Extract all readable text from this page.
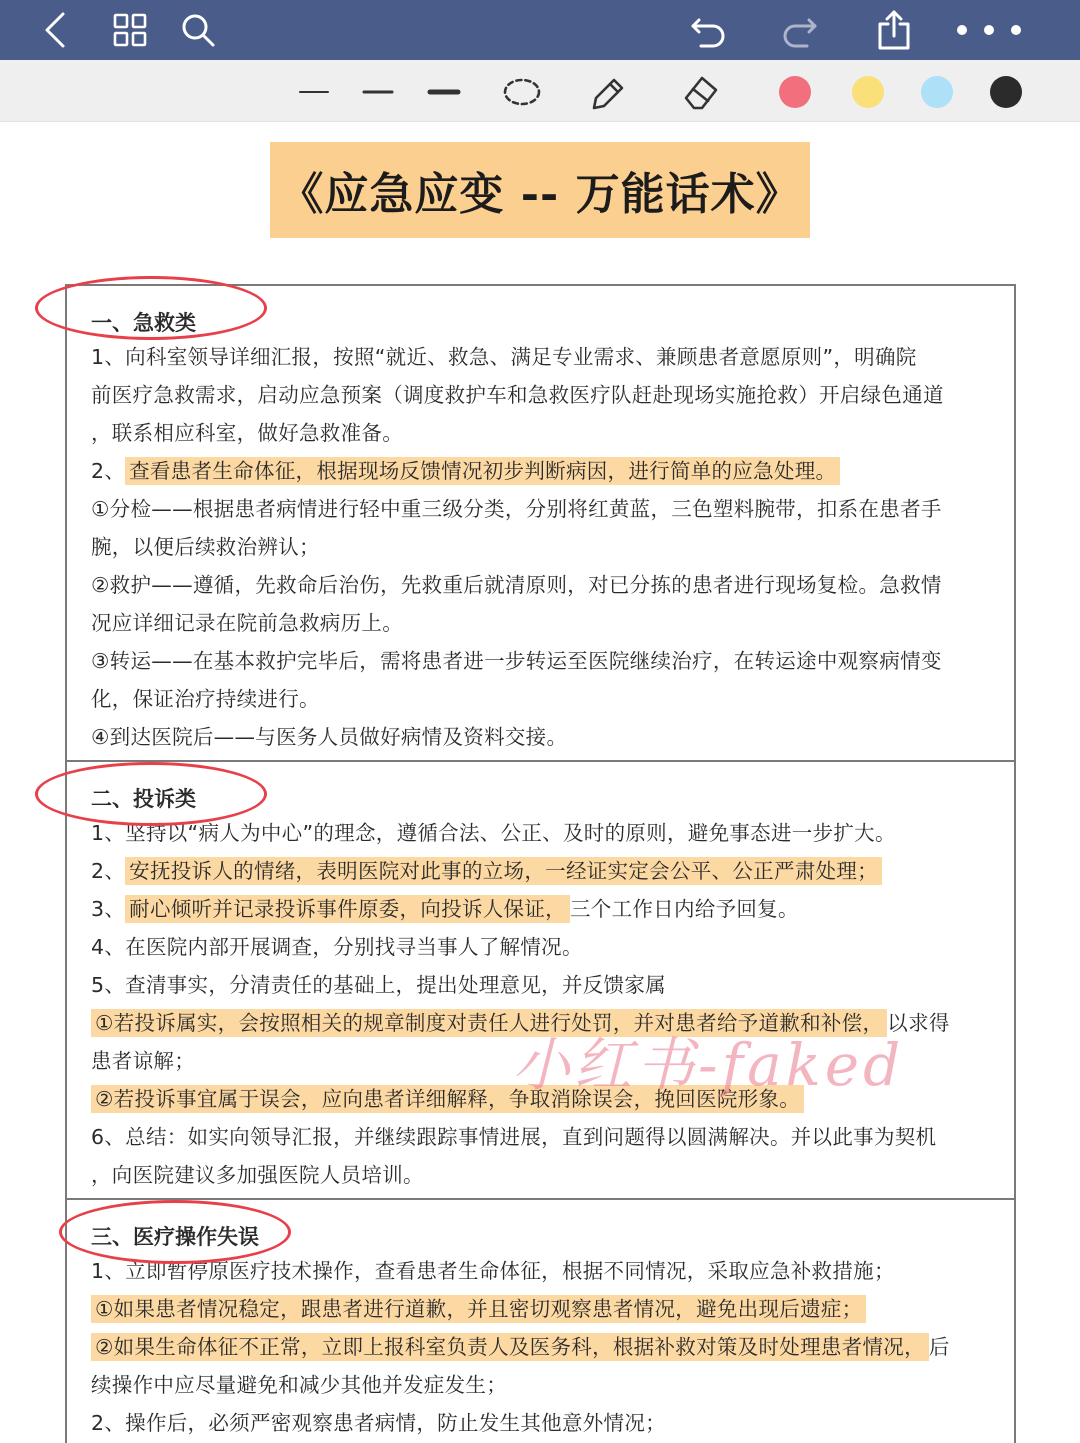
《应急应变 -- 万能话术》
一、急救类
1、向科室领导详细汇报，按照“就近、救急、满足专业需求、兼顾患者意愿原则”，明确院
前医疗急救需求，启动应急预案（调度救护车和急救医疗队赶赴现场实施抢救）开启绿色通道
，联系相应科室，做好急救准备。
2、 查看患者生命体征，根据现场反馈情况初步判断病因，进行简单的应急处理。
①分检——根据患者病情进行轻中重三级分类，分别将红黄蓝，三色塑料腕带，扣系在患者手
腕，以便后续救治辨认；
②救护——遵循，先救命后治伤，先救重后就清原则，对已分拣的患者进行现场复检。急救情
况应详细记录在院前急救病历上。
③转运——在基本救护完毕后，需将患者进一步转运至医院继续治疗，在转运途中观察病情变
化，保证治疗持续进行。
④到达医院后——与医务人员做好病情及资料交接。
二、投诉类
1、坚持以“病人为中心”的理念，遵循合法、公正、及时的原则，避免事态进一步扩大。
2、 安抚投诉人的情绪，表明医院对此事的立场，一经证实定会公平、公正严肃处理；
3、 耐心倾听并记录投诉事件原委，向投诉人保证， 三个工作日内给予回复。
4、在医院内部开展调查，分别找寻当事人了解情况。
5、查清事实，分清责任的基础上，提出处理意见，并反馈家属
①若投诉属实，会按照相关的规章制度对责任人进行处罚，并对患者给予道歉和补偿， 以求得
患者谅解；
②若投诉事宜属于误会，应向患者详细解释，争取消除误会，挽回医院形象。
6、总结：如实向领导汇报，并继续跟踪事情进展，直到问题得以圆满解决。并以此事为契机
，向医院建议多加强医院人员培训。
三、医疗操作失误
1、立即暂停原医疗技术操作，查看患者生命体征，根据不同情况，采取应急补救措施；
①如果患者情况稳定，跟患者进行道歉，并且密切观察患者情况，避免出现后遗症；
②如果生命体征不正常，立即上报科室负责人及医务科，根据补救对策及时处理患者情况， 后
续操作中应尽量避免和减少其他并发症发生；
2、操作后，必须严密观察患者病情，防止发生其他意外情况；
小红书-faked
